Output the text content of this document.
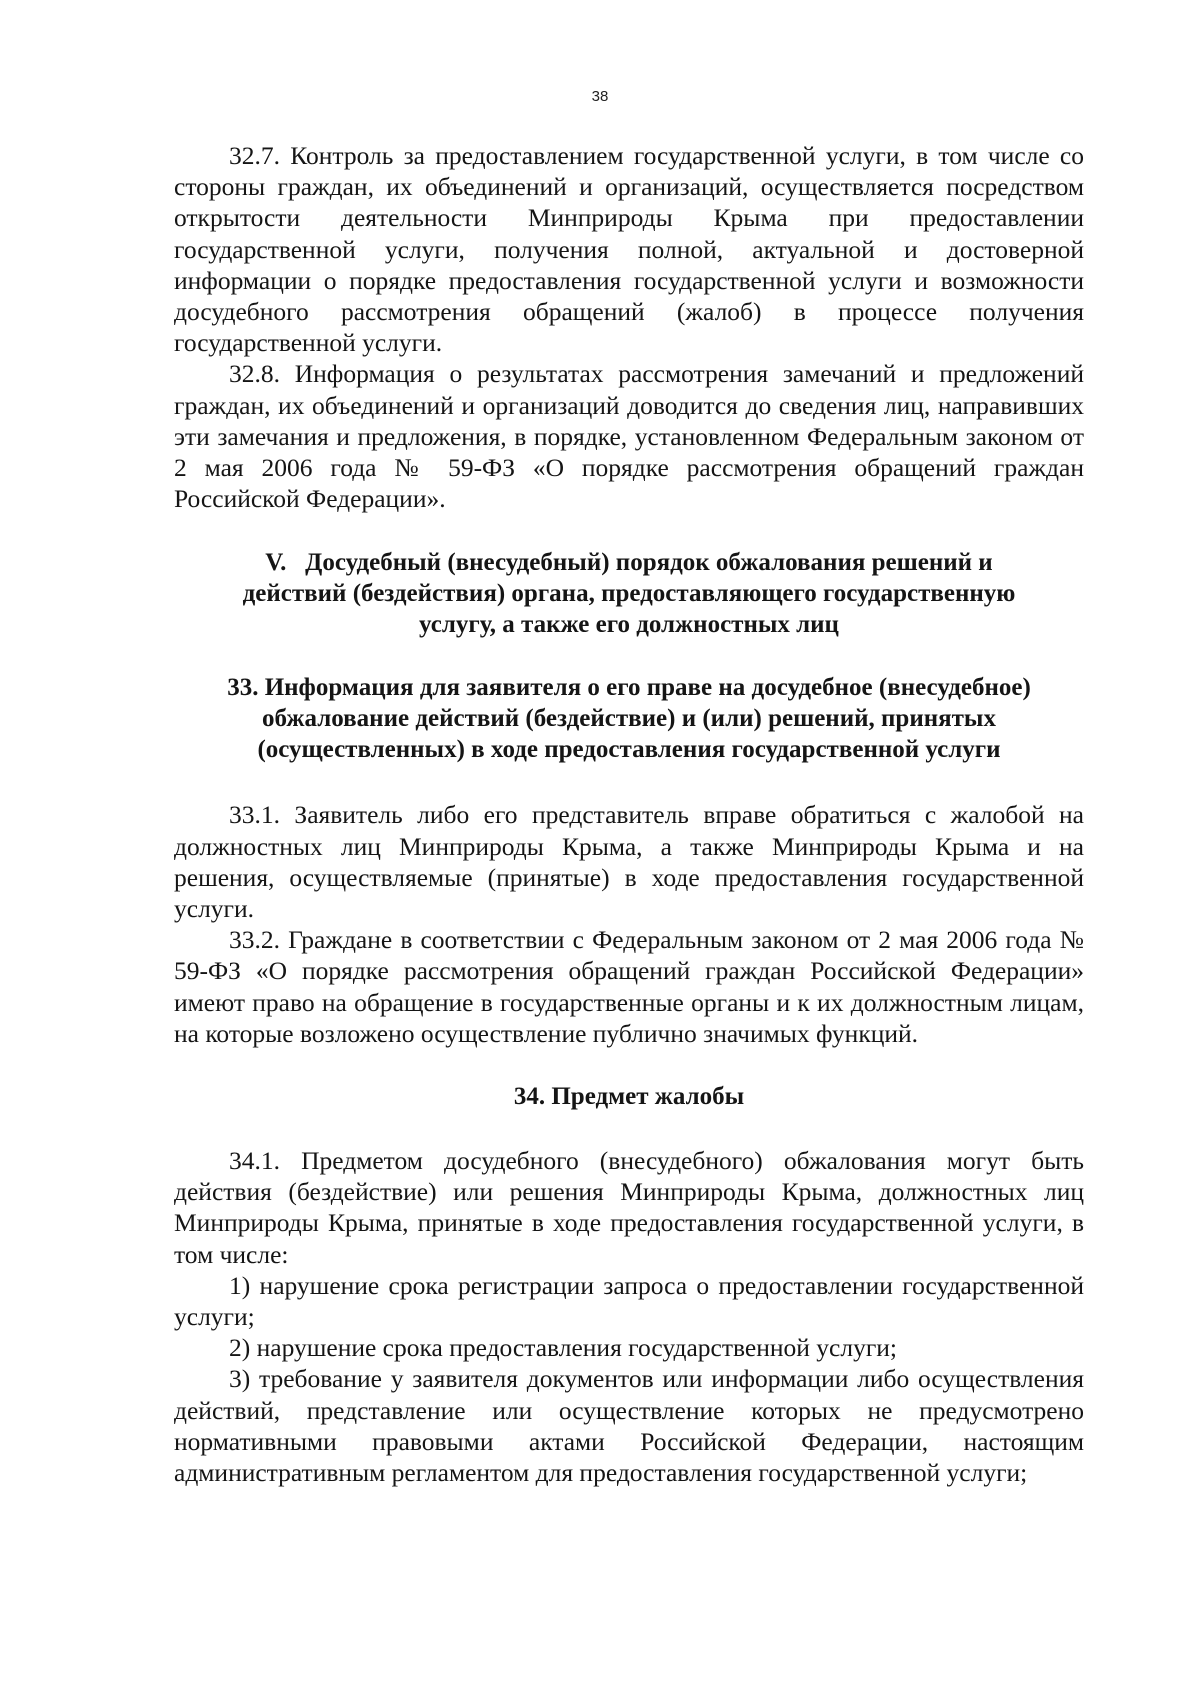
38

32.7. Контроль за предоставлением государственной услуги, в том числе со стороны граждан, их объединений и организаций, осуществляется посредством открытости деятельности Минприроды Крыма при предоставлении государственной услуги, получения полной, актуальной и достоверной информации о порядке предоставления государственной услуги и возможности досудебного рассмотрения обращений (жалоб) в процессе получения государственной услуги.

32.8. Информация о результатах рассмотрения замечаний и предложений граждан, их объединений и организаций доводится до сведения лиц, направивших эти замечания и предложения, в порядке, установленном Федеральным законом от 2 мая 2006 года № 59-ФЗ «О порядке рассмотрения обращений граждан Российской Федерации».

V.   Досудебный (внесудебный) порядок обжалования решений и

действий (бездействия) органа, предоставляющего государственную

услугу, а также его должностных лиц

33. Информация для заявителя о его праве на досудебное (внесудебное)

обжалование действий (бездействие) и (или) решений, принятых

(осуществленных) в ходе предоставления государственной услуги

33.1. Заявитель либо его представитель вправе обратиться с жалобой на должностных лиц Минприроды Крыма, а также Минприроды Крыма и на решения, осуществляемые (принятые) в ходе предоставления государственной услуги.

33.2. Граждане в соответствии с Федеральным законом от 2 мая 2006 года № 59-ФЗ «О порядке рассмотрения обращений граждан Российской Федерации» имеют право на обращение в государственные органы и к их должностным лицам, на которые возложено осуществление публично значимых функций.

34. Предмет жалобы

34.1. Предметом досудебного (внесудебного) обжалования могут быть действия (бездействие) или решения Минприроды Крыма, должностных лиц Минприроды Крыма, принятые в ходе предоставления государственной услуги, в том числе:

1) нарушение срока регистрации запроса о предоставлении государственной услуги;

2) нарушение срока предоставления государственной услуги;

3) требование у заявителя документов или информации либо осуществления действий, представление или осуществление которых не предусмотрено нормативными правовыми актами Российской Федерации, настоящим административным регламентом для предоставления государственной услуги;
